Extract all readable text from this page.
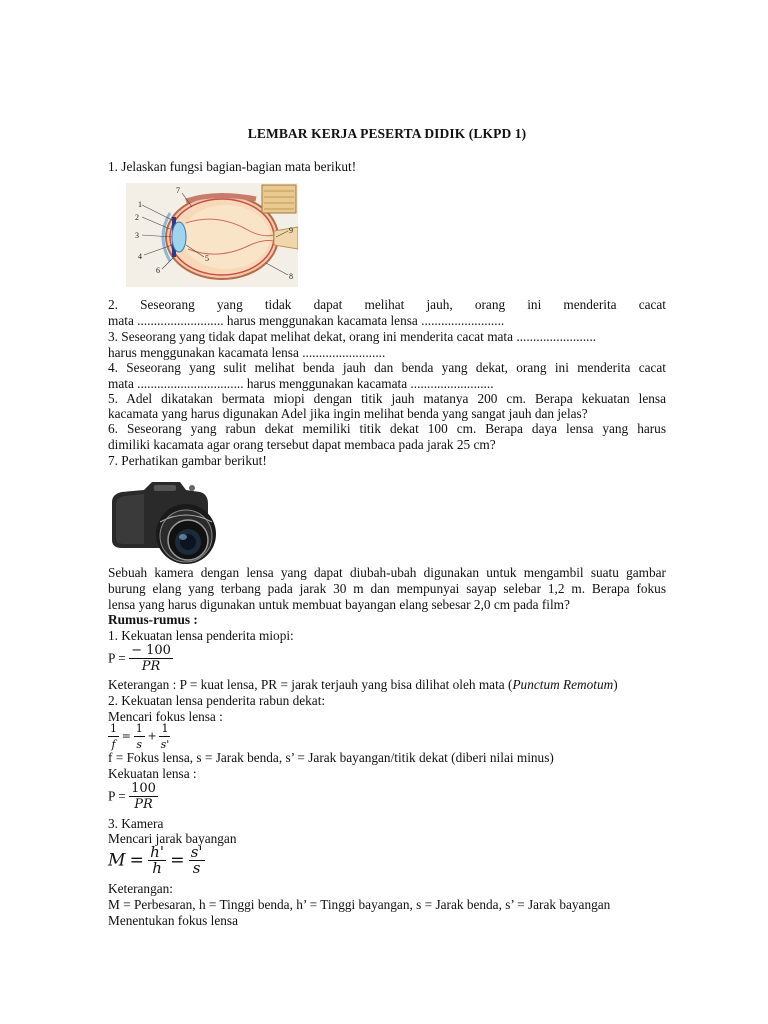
LEMBAR KERJA PESERTA DIDIK (LKPD 1)
1. Jelaskan fungsi bagian-bagian mata berikut!
1
2
3
4	5
6
7
8
9
2. Seseorang yang tidak dapat melihat jauh, orang ini menderita cacat
mata .......................... harus menggunakan kacamata lensa .........................
3. Seseorang yang tidak dapat melihat dekat, orang ini menderita cacat mata ........................
harus menggunakan kacamata lensa .........................
4. Seseorang yang sulit melihat benda jauh dan benda yang dekat, orang ini menderita cacat
mata ................................ harus menggunakan kacamata .........................
5. Adel dikatakan bermata miopi dengan titik jauh matanya 200 cm. Berapa kekuatan lensa
kacamata yang harus digunakan Adel jika ingin melihat benda yang sangat jauh dan jelas?
6. Seseorang yang rabun dekat memiliki titik dekat 100 cm. Berapa daya lensa yang harus
dimiliki kacamata agar orang tersebut dapat membaca pada jarak 25 cm?
7. Perhatikan gambar berikut!
Sebuah kamera dengan lensa yang dapat diubah-ubah digunakan untuk mengambil suatu gambar
burung elang yang terbang pada jarak 30 m dan mempunyai sayap selebar 1,2 m. Berapa fokus
lensa yang harus digunakan untuk membuat bayangan elang sebesar 2,0 cm pada film?
Rumus-rumus :
1. Kekuatan lensa penderita miopi:
$P = \frac{- 100}{PR}$
Keterangan : P = kuat lensa, PR = jarak terjauh yang bisa dilihat oleh mata (Punctum Remotum)
2. Kekuatan lensa penderita rabun dekat:
Mencari fokus lensa :
$\frac{1}{f} = \frac{1}{s} + \frac{1}{s'}$
f = Fokus lensa, s = Jarak benda, s’ = Jarak bayangan/titik dekat (diberi nilai minus)
Kekuatan lensa :
$P = \frac{100}{PR}$
3. Kamera
Mencari jarak bayangan
$M = \frac{h'}{h} = \frac{s'}{s}$
Keterangan:
M = Perbesaran, h = Tinggi benda, h’ = Tinggi bayangan, s = Jarak benda, s’ = Jarak bayangan
Menentukan fokus lensa
